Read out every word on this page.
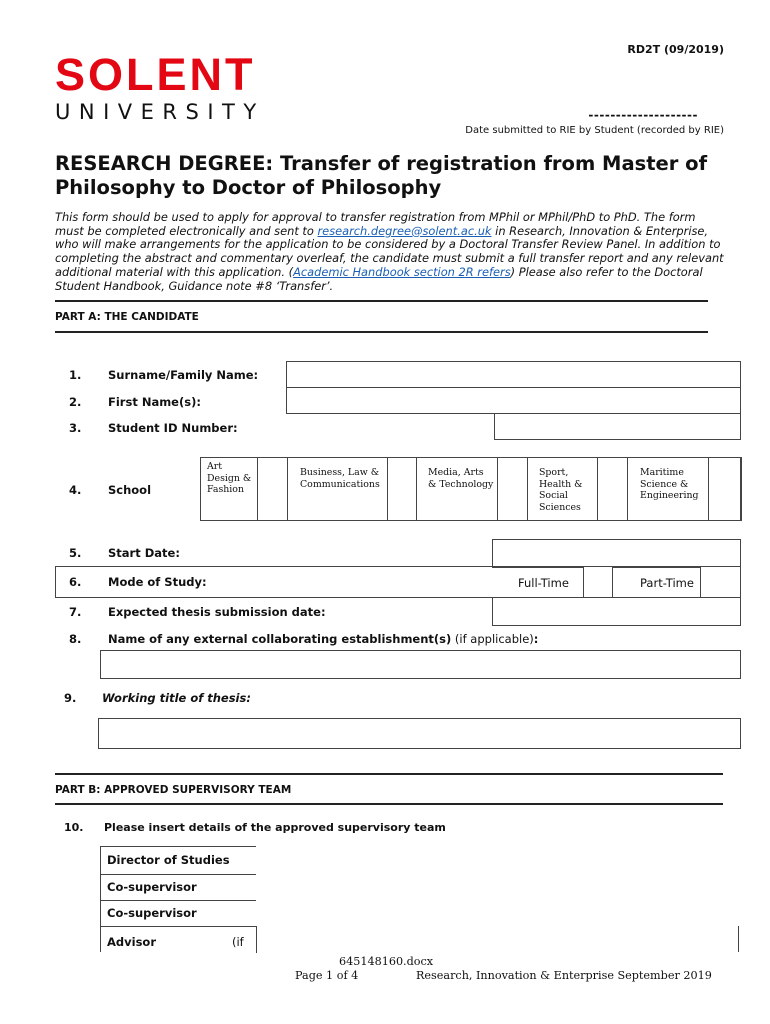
SOLENT
UNIVERSITY
RD2T (09/2019)
--------------------
Date submitted to RIE by Student (recorded by RIE)
RESEARCH DEGREE: Transfer of registration from Master of Philosophy to Doctor of Philosophy
This form should be used to apply for approval to transfer registration from MPhil or MPhil/PhD to PhD. The form must be completed electronically and sent to research.degree@solent.ac.uk in Research, Innovation & Enterprise, who will make arrangements for the application to be considered by a Doctoral Transfer Review Panel. In addition to completing the abstract and commentary overleaf, the candidate must submit a full transfer report and any relevant additional material with this application. (Academic Handbook section 2R refers) Please also refer to the Doctoral Student Handbook, Guidance note #8 ‘Transfer’.
PART A: THE CANDIDATE
1. Surname/Family Name:
2. First Name(s):
3. Student ID Number:
4. School
Art Design & Fashion
Business, Law & Communications
Media, Arts & Technology
Sport, Health & Social Sciences
Maritime Science & Engineering
5. Start Date:
6. Mode of Study:	Full-Time	Part-Time
7. Expected thesis submission date:
8. Name of any external collaborating establishment(s) (if applicable):
9. Working title of thesis:
PART B: APPROVED SUPERVISORY TEAM
10. Please insert details of the approved supervisory team
Director of Studies
Co-supervisor
Co-supervisor
Advisor	(if
645148160.docx
Page 1 of 4	Research, Innovation & Enterprise September 2019
